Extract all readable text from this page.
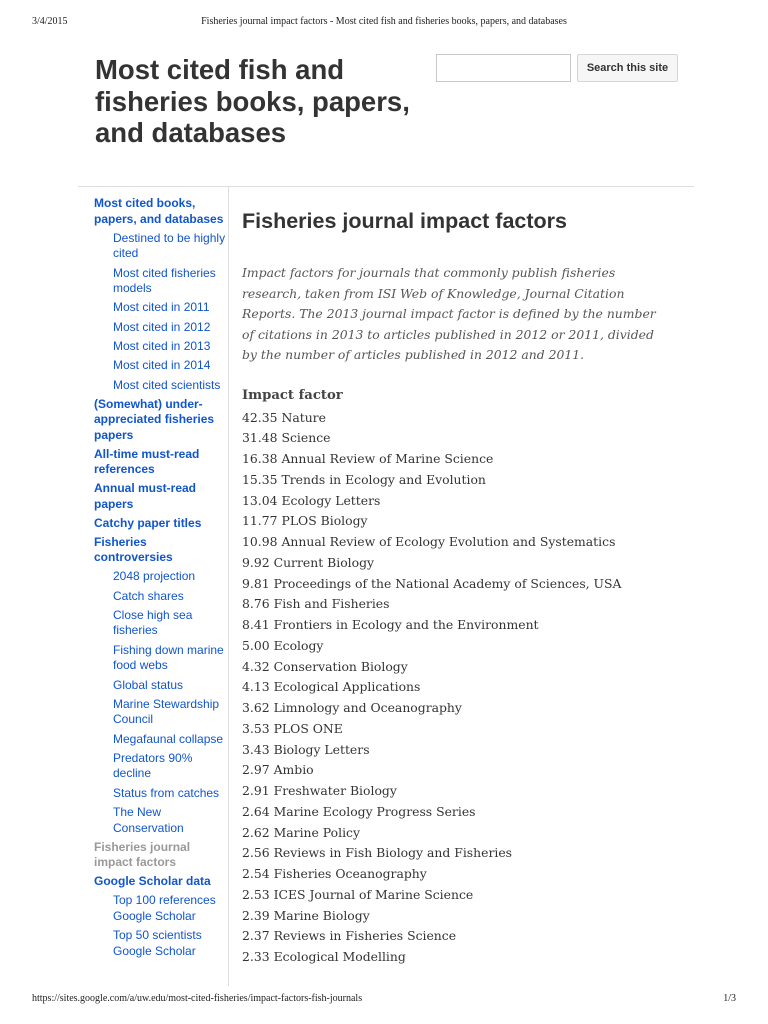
3/4/2015	Fisheries journal impact factors - Most cited fish and fisheries books, papers, and databases
Most cited fish and fisheries books, papers, and databases
Search this site
Most cited books, papers, and databases
Destined to be highly cited
Most cited fisheries models
Most cited in 2011
Most cited in 2012
Most cited in 2013
Most cited in 2014
Most cited scientists
(Somewhat) under-appreciated fisheries papers
All-time must-read references
Annual must-read papers
Catchy paper titles
Fisheries controversies
2048 projection
Catch shares
Close high sea fisheries
Fishing down marine food webs
Global status
Marine Stewardship Council
Megafaunal collapse
Predators 90% decline
Status from catches
The New Conservation
Fisheries journal impact factors
Google Scholar data
Top 100 references Google Scholar
Top 50 scientists Google Scholar
Fisheries journal impact factors

Impact factors for journals that commonly publish fisheries research, taken from ISI Web of Knowledge, Journal Citation Reports. The 2013 journal impact factor is defined by the number of citations in 2013 to articles published in 2012 or 2011, divided by the number of articles published in 2012 and 2011.

Impact factor
42.35 Nature
31.48 Science
16.38 Annual Review of Marine Science
15.35 Trends in Ecology and Evolution
13.04 Ecology Letters
11.77 PLOS Biology
10.98 Annual Review of Ecology Evolution and Systematics
9.92 Current Biology
9.81 Proceedings of the National Academy of Sciences, USA
8.76 Fish and Fisheries
8.41 Frontiers in Ecology and the Environment
5.00 Ecology
4.32 Conservation Biology
4.13 Ecological Applications
3.62 Limnology and Oceanography
3.53 PLOS ONE
3.43 Biology Letters
2.97 Ambio
2.91 Freshwater Biology
2.64 Marine Ecology Progress Series
2.62 Marine Policy
2.56 Reviews in Fish Biology and Fisheries
2.54 Fisheries Oceanography
2.53 ICES Journal of Marine Science
2.39 Marine Biology
2.37 Reviews in Fisheries Science
2.33 Ecological Modelling
https://sites.google.com/a/uw.edu/most-cited-fisheries/impact-factors-fish-journals	1/3
